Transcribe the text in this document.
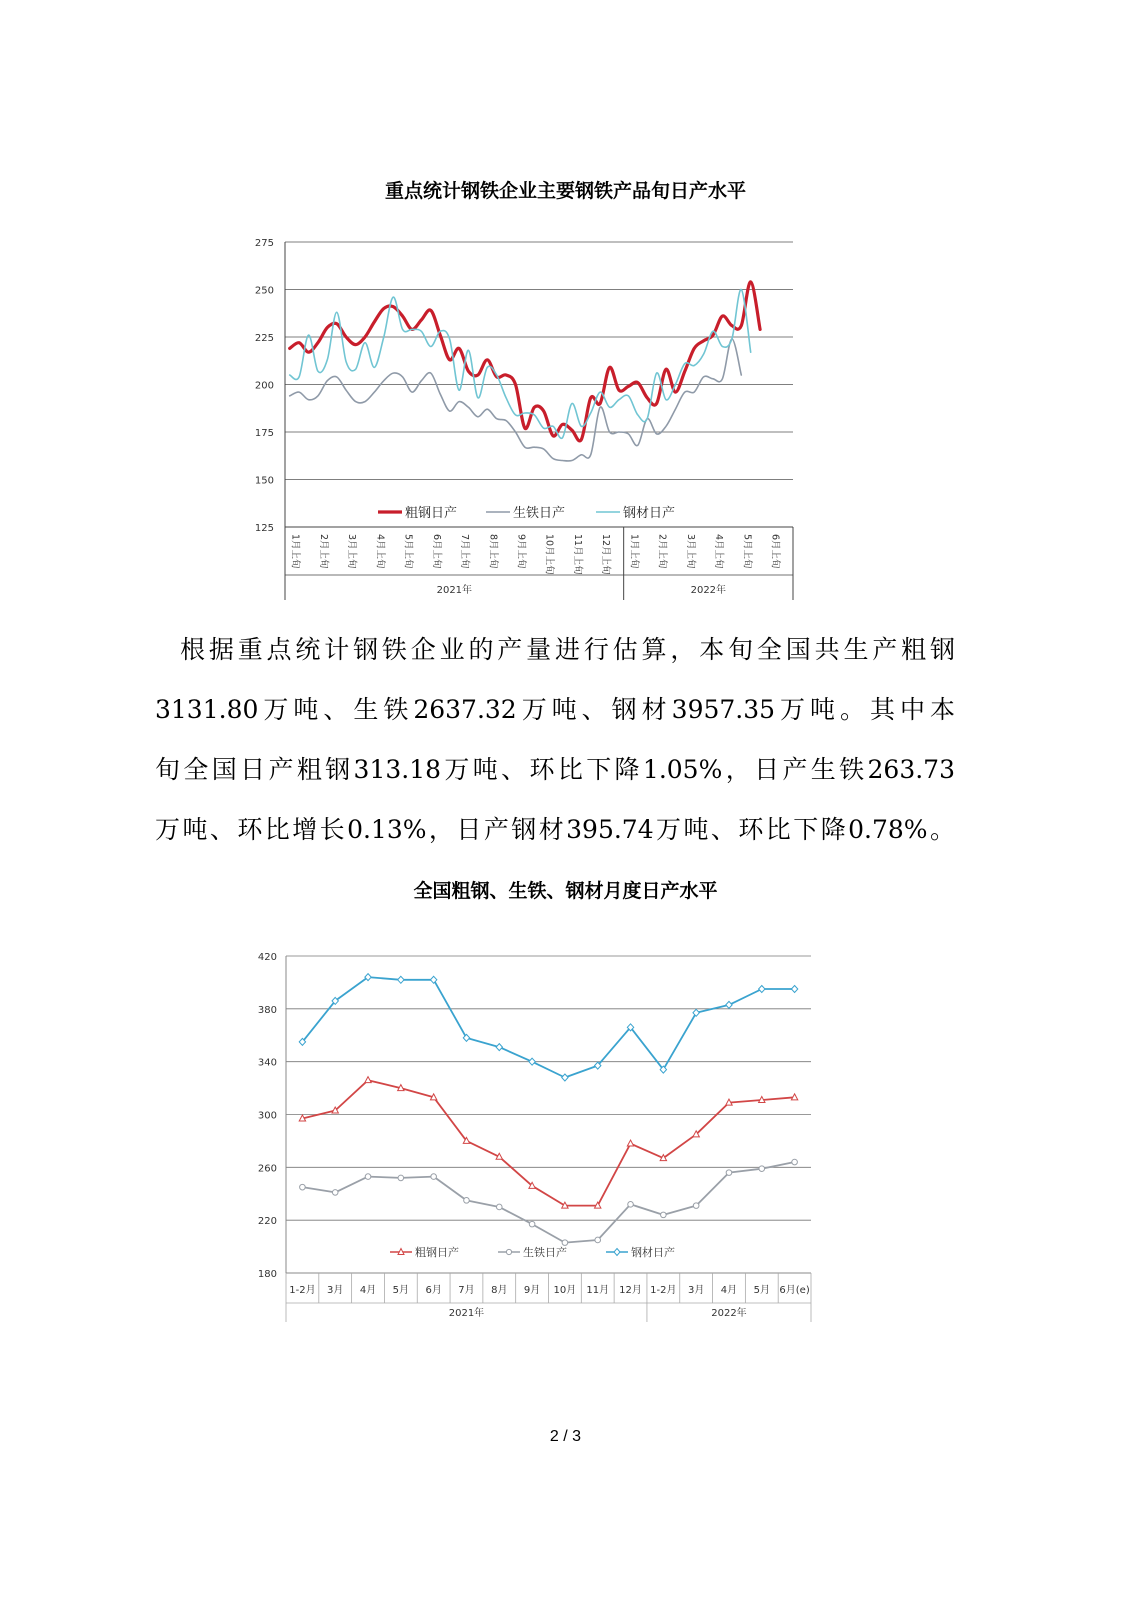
重点统计钢铁企业主要钢铁产品旬日产水平
125
150
175
200
225
250
275
2021年	2022年
1月上旬 2月上旬 3月上旬 4月上旬 5月上旬 6月上旬 7月上旬 8月上旬 9月上旬 10月上旬 11月上旬 12月上旬 1月上旬 2月上旬 3月上旬 4月上旬 5月上旬 6月上旬
粗钢日产	生铁日产	钢材日产
180
220
260
300
340
380
420
1-2月 3月 4月 5月 6月 7月 8月 9月 10月 11月 12月 1-2月 3月 4月 5月 6月(e)
2021年	2022年
粗钢日产	生铁日产	钢材日产
根据重点统计钢铁企业的产量进行估算，本旬全国共生产粗钢
3131.80万吨、生铁2637.32万吨、钢材3957.35万吨。其中本
旬全国日产粗钢313.18万吨、环比下降1.05%，日产生铁263.73
万吨、环比增长0.13%，日产钢材395.74万吨、环比下降0.78%。
全国粗钢、生铁、钢材月度日产水平
2 / 3
